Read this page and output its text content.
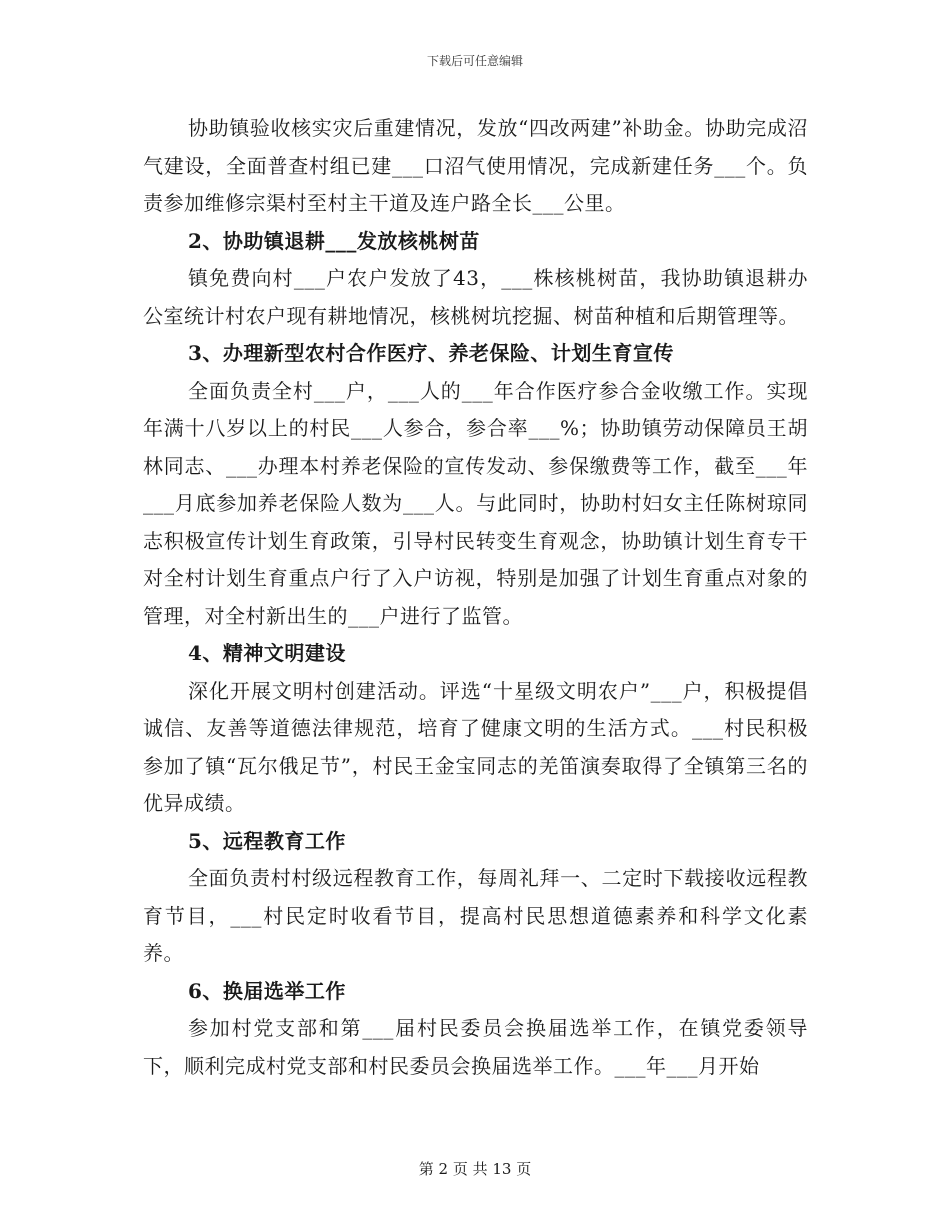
下载后可任意编辑

协助镇验收核实灾后重建情况，发放“四改两建”补助金。协助完成沼气建设，全面普查村组已建___口沼气使用情况，完成新建任务___个。负责参加维修宗渠村至村主干道及连户路全长___公里。

2、协助镇退耕___发放核桃树苗

镇免费向村___户农户发放了43，___株核桃树苗，我协助镇退耕办公室统计村农户现有耕地情况，核桃树坑挖掘、树苗种植和后期管理等。

3、办理新型农村合作医疗、养老保险、计划生育宣传

全面负责全村___户，___人的___年合作医疗参合金收缴工作。实现年满十八岁以上的村民___人参合，参合率___%；协助镇劳动保障员王胡林同志、___办理本村养老保险的宣传发动、参保缴费等工作，截至___年___月底参加养老保险人数为___人。与此同时，协助村妇女主任陈树琼同志积极宣传计划生育政策，引导村民转变生育观念，协助镇计划生育专干对全村计划生育重点户行了入户访视，特别是加强了计划生育重点对象的管理，对全村新出生的___户进行了监管。

4、精神文明建设

深化开展文明村创建活动。评选“十星级文明农户”___户，积极提倡诚信、友善等道德法律规范，培育了健康文明的生活方式。___村民积极参加了镇“瓦尔俄足节”，村民王金宝同志的羌笛演奏取得了全镇第三名的优异成绩。

5、远程教育工作

全面负责村村级远程教育工作，每周礼拜一、二定时下载接收远程教育节目，___村民定时收看节目，提高村民思想道德素养和科学文化素养。

6、换届选举工作

参加村党支部和第___届村民委员会换届选举工作，在镇党委领导下，顺利完成村党支部和村民委员会换届选举工作。___年___月开始

第 2 页 共 13 页
